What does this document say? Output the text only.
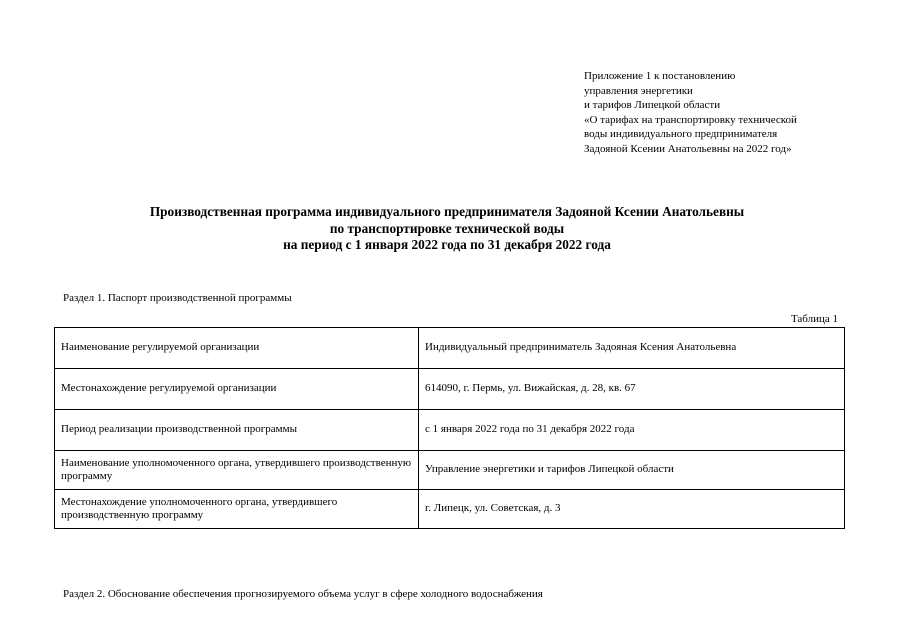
Приложение 1 к постановлению
управления энергетики
и тарифов Липецкой области
«О тарифах на транспортировку технической
воды индивидуального предпринимателя
Задояной Ксении Анатольевны на 2022 год»
Производственная программа индивидуального предпринимателя Задояной Ксении Анатольевны
по транспортировке технической воды
на период с 1 января 2022 года по 31 декабря 2022 года
Раздел 1. Паспорт производственной программы
Таблица 1
Наименование регулируемой организации	Индивидуальный предприниматель Задояная Ксения Анатольевна
Местонахождение регулируемой организации	614090, г. Пермь, ул. Вижайская, д. 28, кв. 67
Период реализации производственной программы	с 1 января 2022 года по 31 декабря 2022 года
Наименование уполномоченного органа, утвердившего производственную программу	Управление энергетики и тарифов Липецкой области
Местонахождение уполномоченного органа, утвердившего производственную программу	г. Липецк, ул. Советская, д. 3
Раздел 2. Обоснование обеспечения прогнозируемого объема услуг в сфере холодного водоснабжения
